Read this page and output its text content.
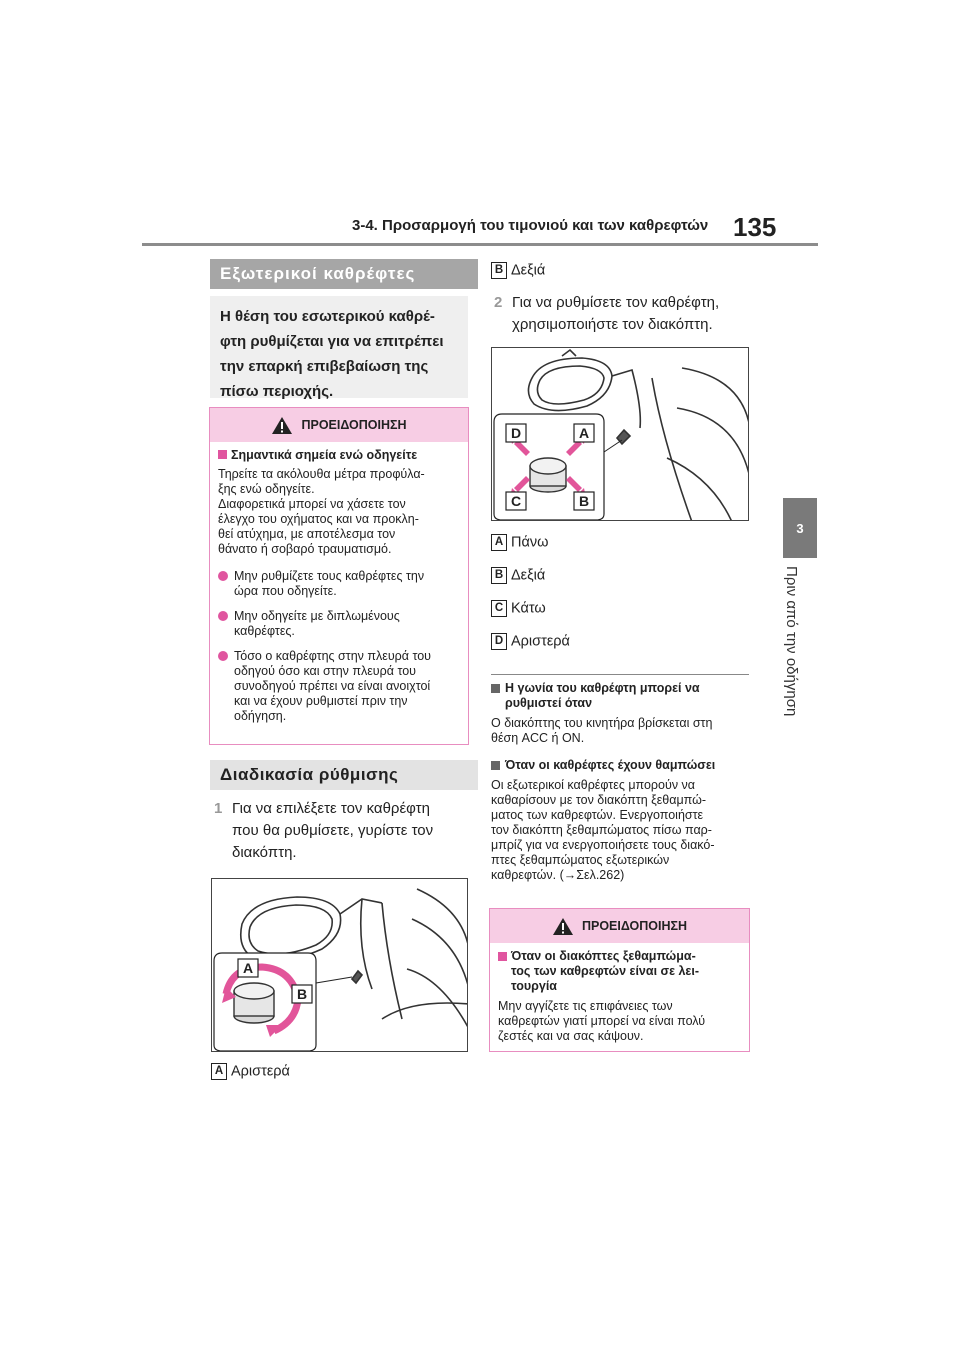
3-4. Προσαρμογή του τιμονιού και των καθρεφτών 135
3
Πριν από την οδήγηση
Εξωτερικοί καθρέφτες
Η θέση του εσωτερικού καθρέ-
φτη ρυθμίζεται για να επιτρέπει
την επαρκή επιβεβαίωση της
πίσω περιοχής.
ΠΡΟΕΙΔΟΠΟΙΗΣΗ
Σημαντικά σημεία ενώ οδηγείτε
Τηρείτε τα ακόλουθα μέτρα προφύλα-
ξης ενώ οδηγείτε.
Διαφορετικά μπορεί να χάσετε τον
έλεγχο του οχήματος και να προκλη-
θεί ατύχημα, με αποτέλεσμα τον
θάνατο ή σοβαρό τραυματισμό.
Μην ρυθμίζετε τους καθρέφτες την
ώρα που οδηγείτε.
Μην οδηγείτε με διπλωμένους
καθρέφτες.
Τόσο ο καθρέφτης στην πλευρά του
οδηγού όσο και στην πλευρά του
συνοδηγού πρέπει να είναι ανοιχτοί
και να έχουν ρυθμιστεί πριν την
οδήγηση.
Διαδικασία ρύθμισης
1 Για να επιλέξετε τον καθρέφτη
που θα ρυθμίσετε, γυρίστε τον
διακόπτη.
A
B
A Αριστερά
B Δεξιά
2 Για να ρυθμίσετε τον καθρέφτη,
χρησιμοποιήστε τον διακόπτη.
D	A
C	B
A Πάνω
B Δεξιά
C Κάτω
D Αριστερά
Η γωνία του καθρέφτη μπορεί να
ρυθμιστεί όταν
Ο διακόπτης του κινητήρα βρίσκεται στη
θέση ACC ή ON.
Όταν οι καθρέφτες έχουν θαμπώσει
Οι εξωτερικοί καθρέφτες μπορούν να
καθαρίσουν με τον διακόπτη ξεθαμπώ-
ματος των καθρεφτών. Ενεργοποιήστε
τον διακόπτη ξεθαμπώματος πίσω παρ-
μπρίζ για να ενεργοποιήσετε τους διακό-
πτες ξεθαμπώματος εξωτερικών
καθρεφτών. (→Σελ.262)
ΠΡΟΕΙΔΟΠΟΙΗΣΗ
Όταν οι διακόπτες ξεθαμπώμα-
τος των καθρεφτών είναι σε λει-
τουργία
Μην αγγίζετε τις επιφάνειες των
καθρεφτών γιατί μπορεί να είναι πολύ
ζεστές και να σας κάψουν.
